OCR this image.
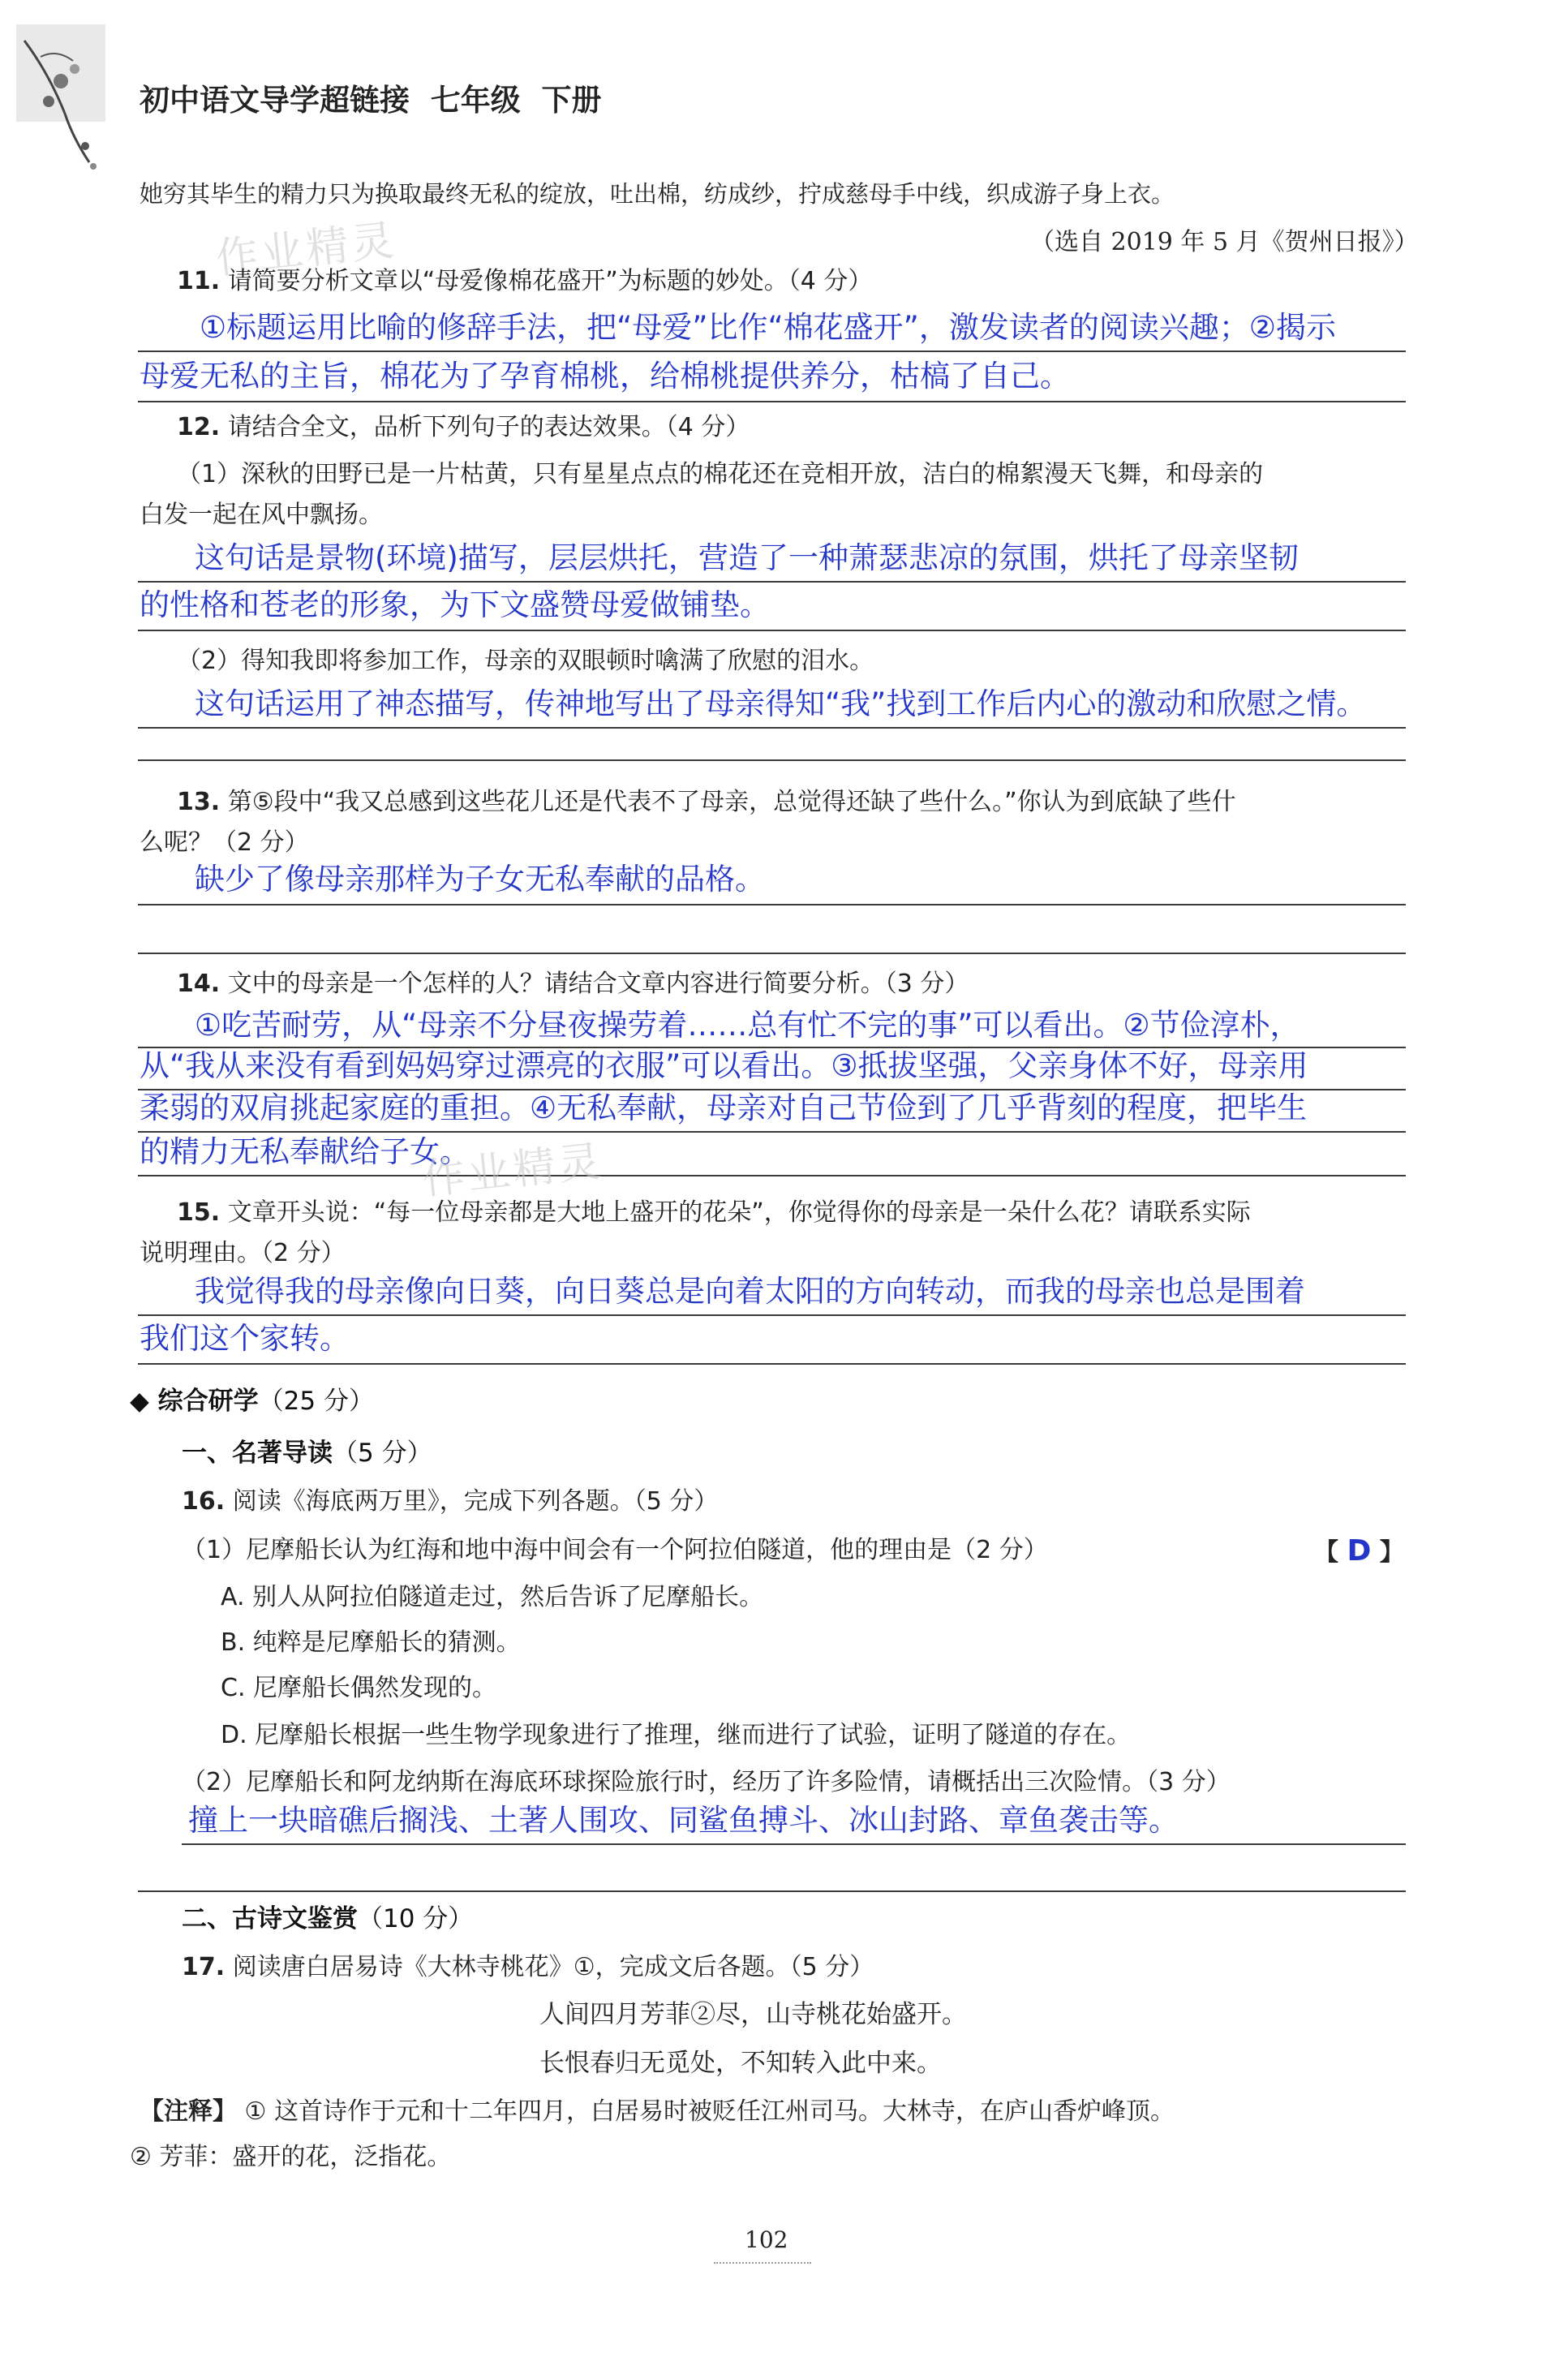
初中语文导学超链接  七年级  下册
她穷其毕生的精力只为换取最终无私的绽放，吐出棉，纺成纱，拧成慈母手中线，织成游子身上衣。
（选自 2019 年 5 月《贺州日报》）
作业精灵
11. 请简要分析文章以“母爱像棉花盛开”为标题的妙处。（4 分）
①标题运用比喻的修辞手法，把“母爱”比作“棉花盛开”，激发读者的阅读兴趣；②揭示
母爱无私的主旨，棉花为了孕育棉桃，给棉桃提供养分，枯槁了自己。
12. 请结合全文，品析下列句子的表达效果。（4 分）
（1）深秋的田野已是一片枯黄，只有星星点点的棉花还在竞相开放，洁白的棉絮漫天飞舞，和母亲的
白发一起在风中飘扬。
这句话是景物(环境)描写，层层烘托，营造了一种萧瑟悲凉的氛围，烘托了母亲坚韧
的性格和苍老的形象，为下文盛赞母爱做铺垫。
（2）得知我即将参加工作，母亲的双眼顿时噙满了欣慰的泪水。
这句话运用了神态描写，传神地写出了母亲得知“我”找到工作后内心的激动和欣慰之情。
13. 第⑤段中“我又总感到这些花儿还是代表不了母亲，总觉得还缺了些什么。”你认为到底缺了些什
么呢？（2 分）
缺少了像母亲那样为子女无私奉献的品格。
14. 文中的母亲是一个怎样的人？请结合文章内容进行简要分析。（3 分）
①吃苦耐劳，从“母亲不分昼夜操劳着……总有忙不完的事”可以看出。②节俭淳朴，
从“我从来没有看到妈妈穿过漂亮的衣服”可以看出。③抵拔坚强，父亲身体不好，母亲用
柔弱的双肩挑起家庭的重担。④无私奉献，母亲对自己节俭到了几乎背刻的程度，把毕生
的精力无私奉献给子女。
作业精灵
15. 文章开头说：“每一位母亲都是大地上盛开的花朵”，你觉得你的母亲是一朵什么花？请联系实际
说明理由。（2 分）
我觉得我的母亲像向日葵，向日葵总是向着太阳的方向转动，而我的母亲也总是围着
我们这个家转。
◆ 综合研学（25 分）
一、名著导读（5 分）
16. 阅读《海底两万里》，完成下列各题。（5 分）
（1）尼摩船长认为红海和地中海中间会有一个阿拉伯隧道，他的理由是（2 分）	【 D 】
A. 别人从阿拉伯隧道走过，然后告诉了尼摩船长。
B. 纯粹是尼摩船长的猜测。
C. 尼摩船长偶然发现的。
D. 尼摩船长根据一些生物学现象进行了推理，继而进行了试验，证明了隧道的存在。
（2）尼摩船长和阿龙纳斯在海底环球探险旅行时，经历了许多险情，请概括出三次险情。（3 分）
撞上一块暗礁后搁浅、土著人围攻、同鲨鱼搏斗、冰山封路、章鱼袭击等。
二、古诗文鉴赏（10 分）
17. 阅读唐白居易诗《大林寺桃花》①，完成文后各题。（5 分）
人间四月芳菲②尽，山寺桃花始盛开。
长恨春归无觅处，不知转入此中来。
【注释】 ① 这首诗作于元和十二年四月，白居易时被贬任江州司马。大林寺，在庐山香炉峰顶。
② 芳菲：盛开的花，泛指花。
102
